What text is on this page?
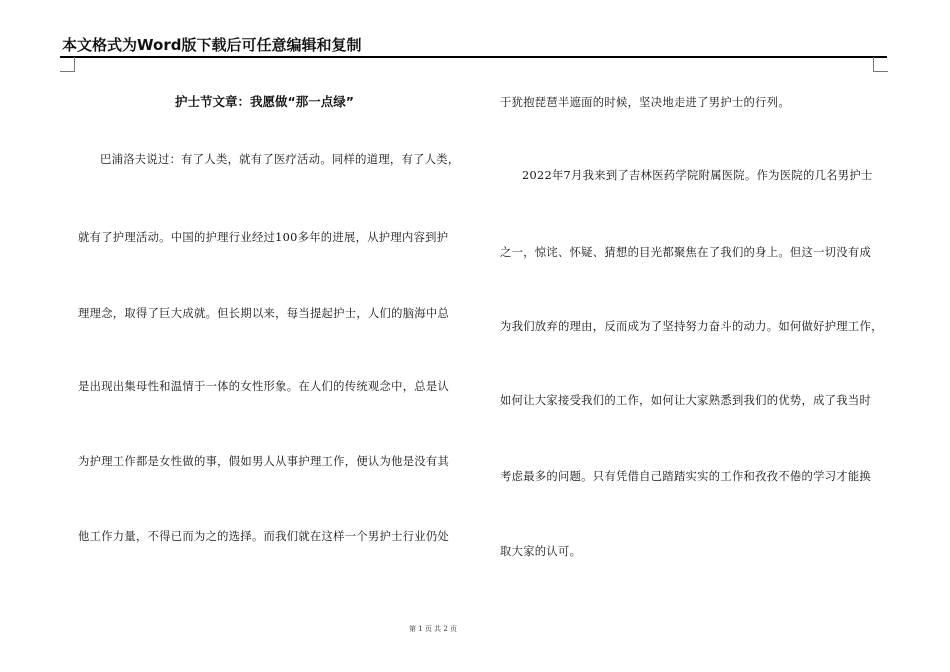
本文格式为Word版下载后可任意编辑和复制
护士节文章：我愿做“那一点绿”
巴浦洛夫说过：有了人类，就有了医疗活动。同样的道理，有了人类，
就有了护理活动。中国的护理行业经过100多年的进展，从护理内容到护
理理念，取得了巨大成就。但长期以来，每当提起护士，人们的脑海中总
是出现出集母性和温情于一体的女性形象。在人们的传统观念中，总是认
为护理工作都是女性做的事，假如男人从事护理工作，便认为他是没有其
他工作力量，不得已而为之的选择。而我们就在这样一个男护士行业仍处
于犹抱琵琶半遮面的时候，坚决地走进了男护士的行列。
2022年7月我来到了吉林医药学院附属医院。作为医院的几名男护士
之一，惊诧、怀疑、猜想的目光都聚焦在了我们的身上。但这一切没有成
为我们放弃的理由，反而成为了坚持努力奋斗的动力。如何做好护理工作，
如何让大家接受我们的工作，如何让大家熟悉到我们的优势，成了我当时
考虑最多的问题。只有凭借自己踏踏实实的工作和孜孜不倦的学习才能换
取大家的认可。
第 1 页 共 2 页
